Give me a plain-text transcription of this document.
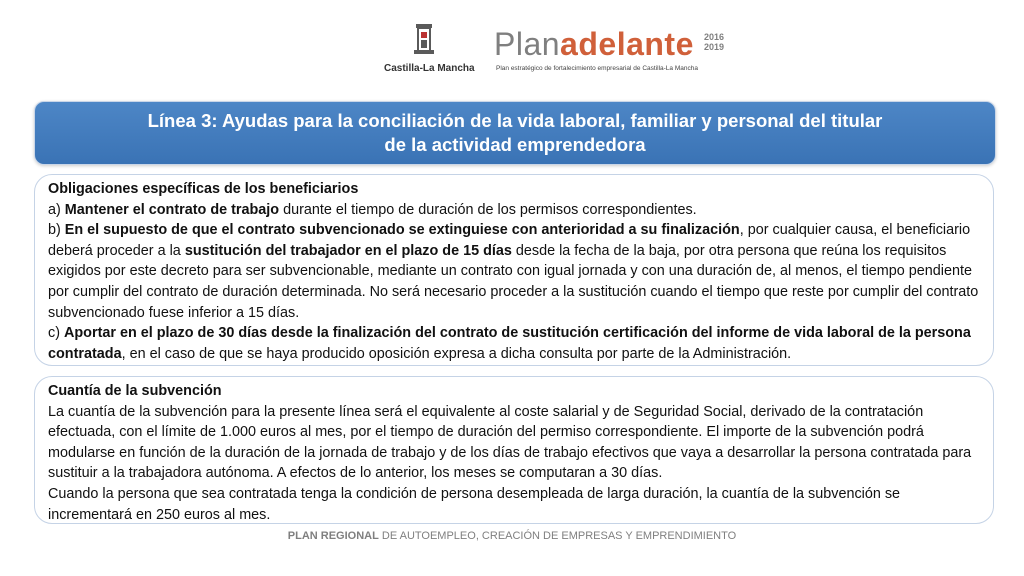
Castilla-La Mancha
Planadelante 2016
2019
Plan estratégico de fortalecimiento empresarial de Castilla-La Mancha
Línea 3: Ayudas para la conciliación de la vida laboral, familiar y personal del titular
de la actividad emprendedora

Obligaciones específicas de los beneficiarios

a) Mantener el contrato de trabajo durante el tiempo de duración de los permisos correspondientes.

b) En el supuesto de que el contrato subvencionado se extinguiese con anterioridad a su finalización, por cualquier causa, el beneficiario deberá proceder a la sustitución del trabajador en el plazo de 15 días desde la fecha de la baja, por otra persona que reúna los requisitos exigidos por este decreto para ser subvencionable, mediante un contrato con igual jornada y con una duración de, al menos, el tiempo pendiente por cumplir del contrato de duración determinada. No será necesario proceder a la sustitución cuando el tiempo que reste por cumplir del contrato subvencionado fuese inferior a 15 días.

c) Aportar en el plazo de 30 días desde la finalización del contrato de sustitución certificación del informe de vida laboral de la persona contratada, en el caso de que se haya producido oposición expresa a dicha consulta por parte de la Administración.

Cuantía de la subvención

La cuantía de la subvención para la presente línea será el equivalente al coste salarial y de Seguridad Social, derivado de la contratación efectuada, con el límite de 1.000 euros al mes, por el tiempo de duración del permiso correspondiente. El importe de la subvención podrá modularse en función de la duración de la jornada de trabajo y de los días de trabajo efectivos que vaya a desarrollar la persona contratada para sustituir a la trabajadora autónoma. A efectos de lo anterior, los meses se computaran a 30 días.

Cuando la persona que sea contratada tenga la condición de persona desempleada de larga duración, la cuantía de la subvención se incrementará en 250 euros al mes.

PLAN REGIONAL DE AUTOEMPLEO, CREACIÓN DE EMPRESAS Y EMPRENDIMIENTO
